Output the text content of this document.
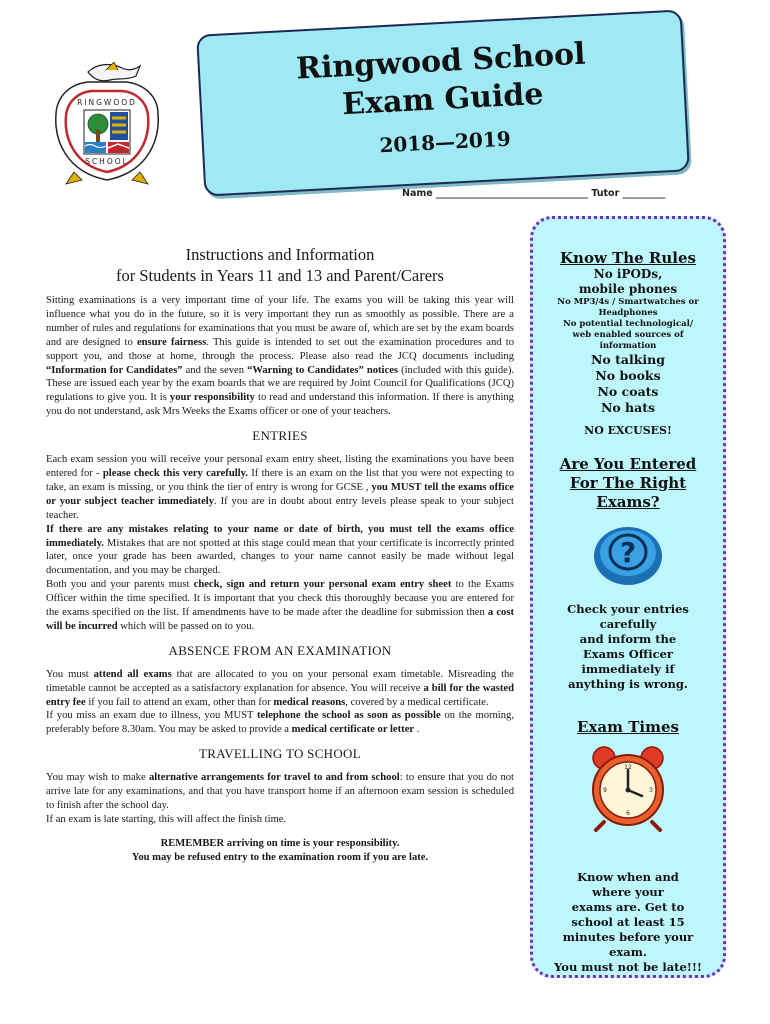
RINGWOOD
SCHOOL
Ringwood School
Exam Guide
2018—2019
Name ________________________________ Tutor _________
Instructions and Information
for Students in Years 11 and 13 and Parent/Carers

Sitting examinations is a very important time of your life. The exams you will be taking this year will influence what you do in the future, so it is very important they run as smoothly as possible. There are a number of rules and regulations for examinations that you must be aware of, which are set by the exam boards and are designed to ensure fairness. This guide is intended to set out the examination procedures and to support you, and those at home, through the process. Please also read the JCQ documents including “Information for Candidates” and the seven “Warning to Candidates” notices (included with this guide). These are issued each year by the exam boards that we are required by Joint Council for Qualifications (JCQ) regulations to give you. It is your responsibility to read and understand this information. If there is anything you do not understand, ask Mrs Weeks the Exams officer or one of your teachers.

ENTRIES

Each exam session you will receive your personal exam entry sheet, listing the examinations you have been entered for - please check this very carefully. If there is an exam on the list that you were not expecting to take, an exam is missing, or you think the tier of entry is wrong for GCSE , you MUST tell the exams office or your subject teacher immediately. If you are in doubt about entry levels please speak to your subject teacher.

If there are any mistakes relating to your name or date of birth, you must tell the exams office immediately. Mistakes that are not spotted at this stage could mean that your certificate is incorrectly printed later, once your grade has been awarded, changes to your name cannot easily be made without legal documentation, and you may be charged.

Both you and your parents must check, sign and return your personal exam entry sheet to the Exams Officer within the time specified. It is important that you check this thoroughly because you are entered for the exams specified on the list. If amendments have to be made after the deadline for submission then a cost will be incurred which will be passed on to you.

ABSENCE FROM AN EXAMINATION

You must attend all exams that are allocated to you on your personal exam timetable. Misreading the timetable cannot be accepted as a satisfactory explanation for absence. You will receive a bill for the wasted entry fee if you fail to attend an exam, other than for medical reasons, covered by a medical certificate.

If you miss an exam due to illness, you MUST telephone the school as soon as possible on the morning, preferably before 8.30am. You may be asked to provide a medical certificate or letter .

TRAVELLING TO SCHOOL

You may wish to make alternative arrangements for travel to and from school: to ensure that you do not arrive late for any examinations, and that you have transport home if an afternoon exam session is scheduled to finish after the school day.

If an exam is late starting, this will affect the finish time.

REMEMBER arriving on time is your responsibility.

You may be refused entry to the examination room if you are late.

Know The Rules
No iPODs,
mobile phones
No MP3/4s / Smartwatches or
Headphones
No potential technological/
web enabled sources of
information
No talking
No books
No coats
No hats
NO EXCUSES!
Are You Entered
For The Right
Exams?
?
Check your entries
carefully
and inform the
Exams Officer
immediately if
anything is wrong.
Exam Times
12
3
6
9
Know when and
where your
exams are. Get to
school at least 15
minutes before your
exam.
You must not be late!!!
